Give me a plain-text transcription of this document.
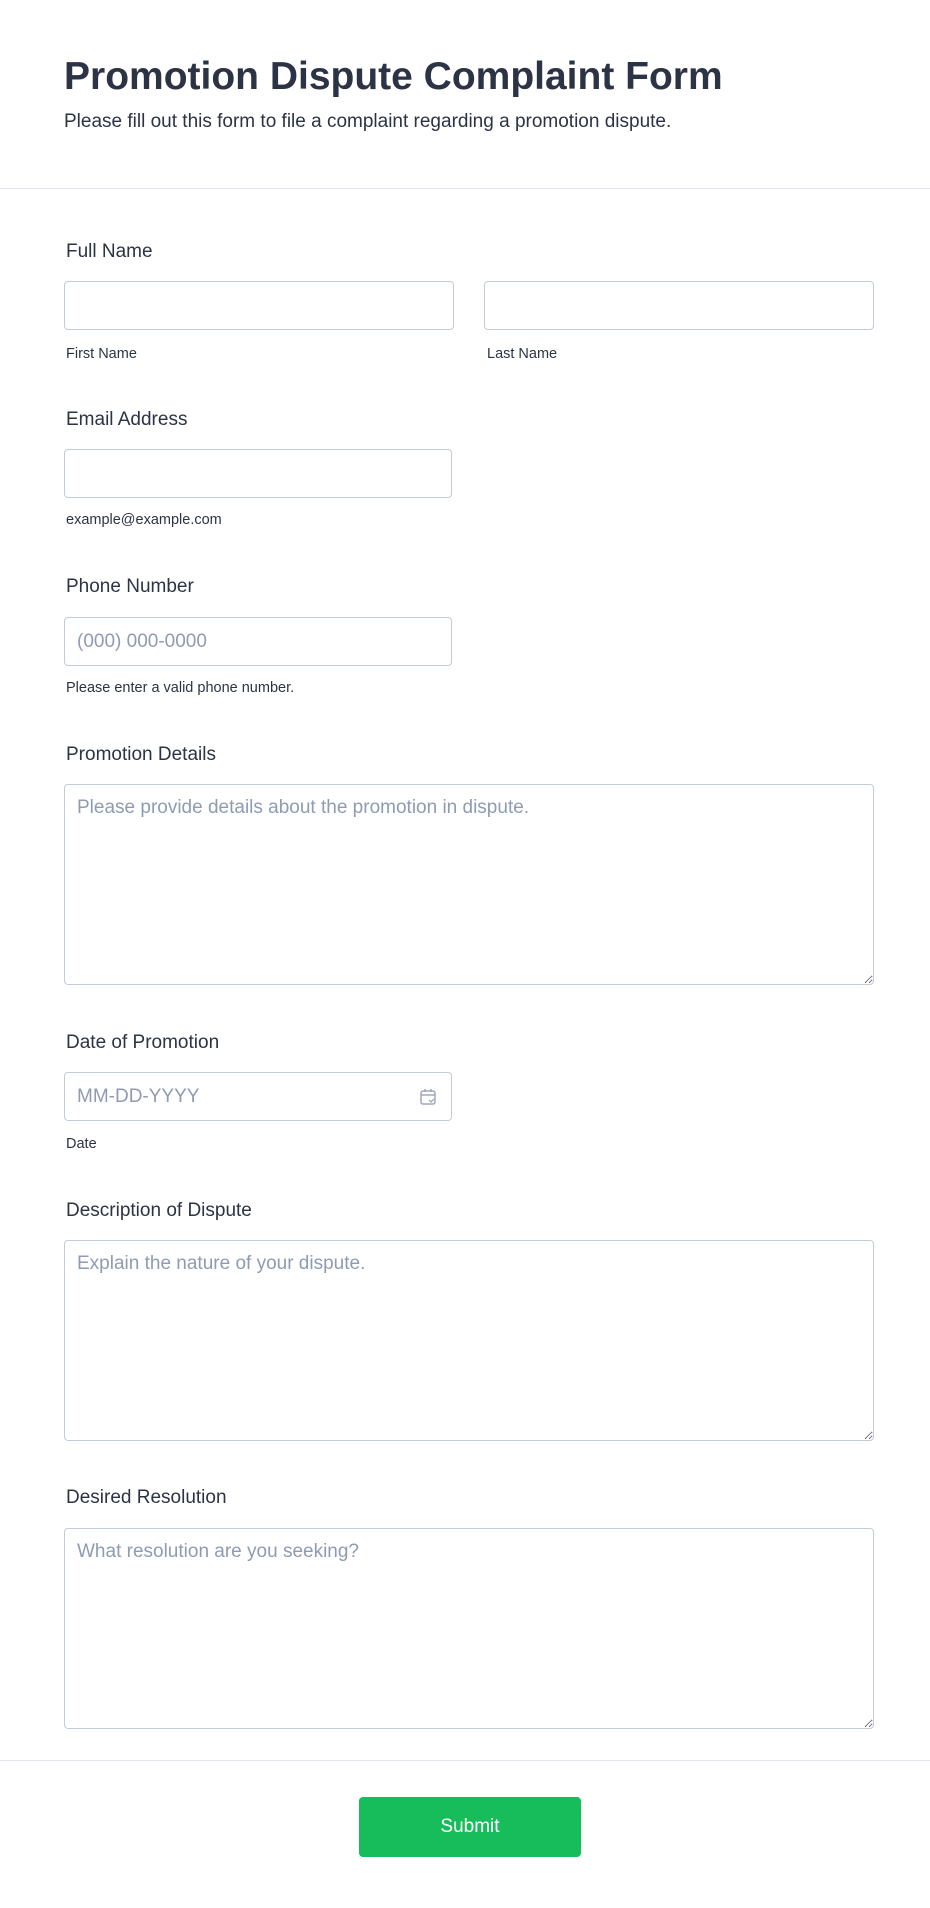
Promotion Dispute Complaint Form
Please fill out this form to file a complaint regarding a promotion dispute.
Full Name
First Name	Last Name
Email Address
example@example.com
Phone Number
(000) 000-0000
Please enter a valid phone number.
Promotion Details
Please provide details about the promotion in dispute.
Date of Promotion
MM-DD-YYYY
Date
Description of Dispute
Explain the nature of your dispute.
Desired Resolution
What resolution are you seeking?
Submit
